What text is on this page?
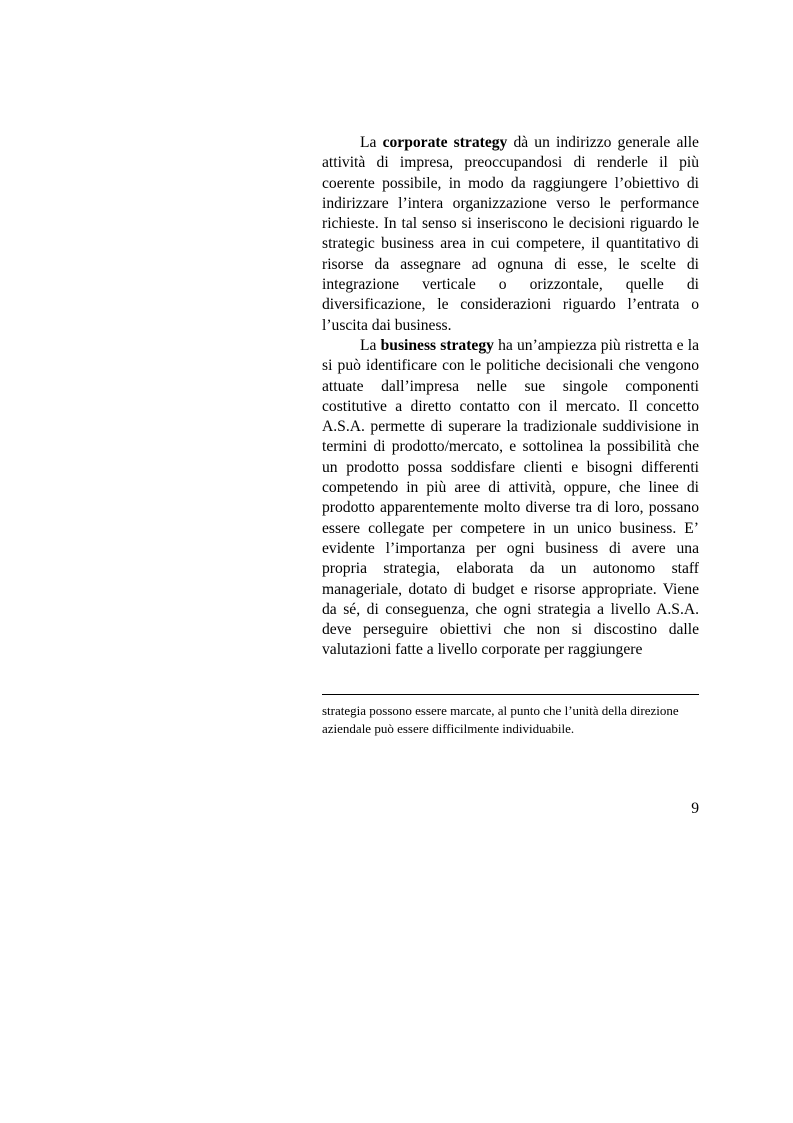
La corporate strategy dà un indirizzo generale alle attività di impresa, preoccupandosi di renderle il più coerente possibile, in modo da raggiungere l’obiettivo di indirizzare l’intera organizzazione verso le performance richieste. In tal senso si inseriscono le decisioni riguardo le strategic business area in cui competere, il quantitativo di risorse da assegnare ad ognuna di esse, le scelte di integrazione verticale o orizzontale, quelle di diversificazione, le considerazioni riguardo l’entrata o l’uscita dai business.

La business strategy ha un’ampiezza più ristretta e la si può identificare con le politiche decisionali che vengono attuate dall’impresa nelle sue singole componenti costitutive a diretto contatto con il mercato. Il concetto A.S.A. permette di superare la tradizionale suddivisione in termini di prodotto/mercato, e sottolinea la possibilità che un prodotto possa soddisfare clienti e bisogni differenti competendo in più aree di attività, oppure, che linee di prodotto apparentemente molto diverse tra di loro, possano essere collegate per competere in un unico business. E’ evidente l’importanza per ogni business di avere una propria strategia, elaborata da un autonomo staff manageriale, dotato di budget e risorse appropriate. Viene da sé, di conseguenza, che ogni strategia a livello A.S.A. deve perseguire obiettivi che non si discostino dalle valutazioni fatte a livello corporate per raggiungere

strategia possono essere marcate, al punto che l’unità della direzione
aziendale può essere difficilmente individuabile.
9
